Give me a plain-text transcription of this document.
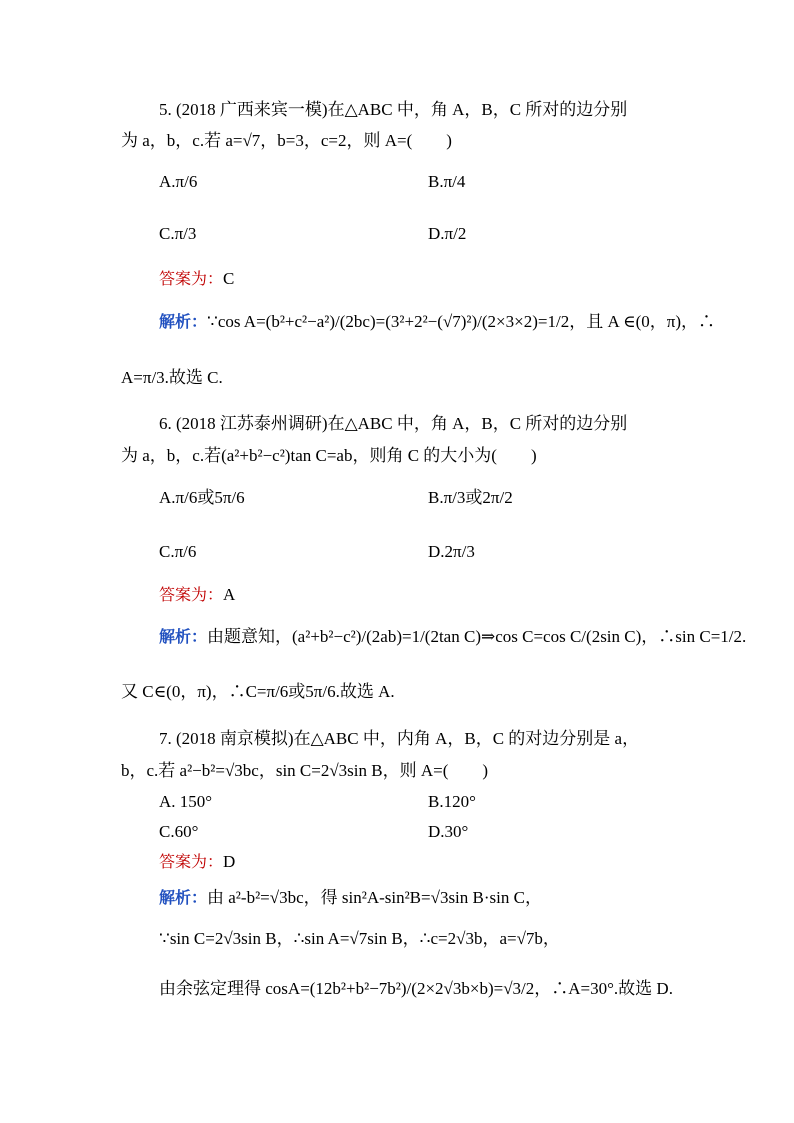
5. (2018 广西来宾一模)在△ABC 中，角 A，B，C 所对的边分别
为 a，b，c.若 a=√7，b=3，c=2，则 A=(　　)
A.π/6	B.π/4
C.π/3	D.π/2
答案为：C
解析：∵cos A=(b²+c²−a²)/(2bc)=(3²+2²−(√7)²)/(2×3×2)=1/2，且 A ∈(0，π)，∴
A=π/3.故选 C.
6. (2018 江苏泰州调研)在△ABC 中，角 A，B，C 所对的边分别
为 a，b，c.若(a²+b²−c²)tan C=ab，则角 C 的大小为(　　)
A.π/6或5π/6	B.π/3或2π/2
C.π/6	D.2π/3
答案为：A
解析：由题意知，(a²+b²−c²)/(2ab)=1/(2tan C)⇒cos C=cos C/(2sin C)，∴sin C=1/2.
又 C∈(0，π)，∴C=π/6或5π/6.故选 A.
7. (2018 南京模拟)在△ABC 中，内角 A，B，C 的对边分别是 a，
b，c.若 a²−b²=√3bc，sin C=2√3sin B，则 A=(　　)
A. 150°	B.120°
C.60°	D.30°
答案为：D
解析：由 a²-b²=√3bc，得 sin²A-sin²B=√3sin B·sin C，
∵sin C=2√3sin B，∴sin A=√7sin B，∴c=2√3b，a=√7b，
由余弦定理得 cosA=(12b²+b²−7b²)/(2×2√3b×b)=√3/2，∴A=30°.故选 D.
